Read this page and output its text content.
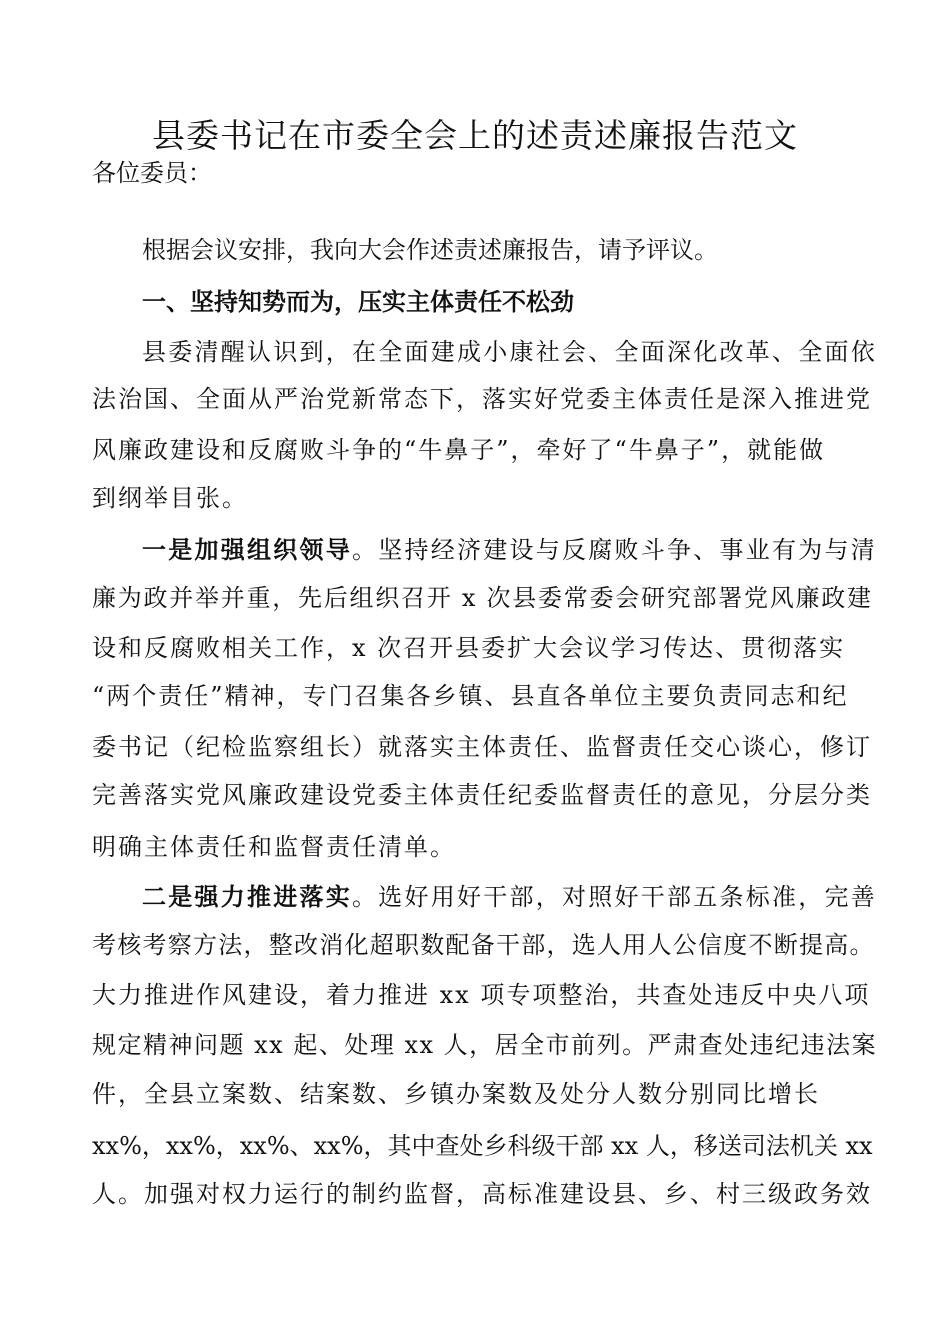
县委书记在市委全会上的述责述廉报告范文
各位委员：
根据会议安排，我向大会作述责述廉报告，请予评议。
一、坚持知势而为，压实主体责任不松劲
县委清醒认识到，在全面建成小康社会、全面深化改革、全面依
法治国、全面从严治党新常态下，落实好党委主体责任是深入推进党
风廉政建设和反腐败斗争的“牛鼻子”，牵好了“牛鼻子”，就能做
到纲举目张。
一是加强组织领导。坚持经济建设与反腐败斗争、事业有为与清
廉为政并举并重，先后组织召开 x 次县委常委会研究部署党风廉政建
设和反腐败相关工作，x 次召开县委扩大会议学习传达、贯彻落实
“两个责任”精神，专门召集各乡镇、县直各单位主要负责同志和纪
委书记（纪检监察组长）就落实主体责任、监督责任交心谈心，修订
完善落实党风廉政建设党委主体责任纪委监督责任的意见，分层分类
明确主体责任和监督责任清单。
二是强力推进落实。选好用好干部，对照好干部五条标准，完善
考核考察方法，整改消化超职数配备干部，选人用人公信度不断提高。
大力推进作风建设，着力推进 xx 项专项整治，共查处违反中央八项
规定精神问题 xx 起、处理 xx 人，居全市前列。严肃查处违纪违法案
件，全县立案数、结案数、乡镇办案数及处分人数分别同比增长
xx%，xx%，xx%、xx%，其中查处乡科级干部 xx 人，移送司法机关 xx
人。加强对权力运行的制约监督，高标准建设县、乡、村三级政务效
